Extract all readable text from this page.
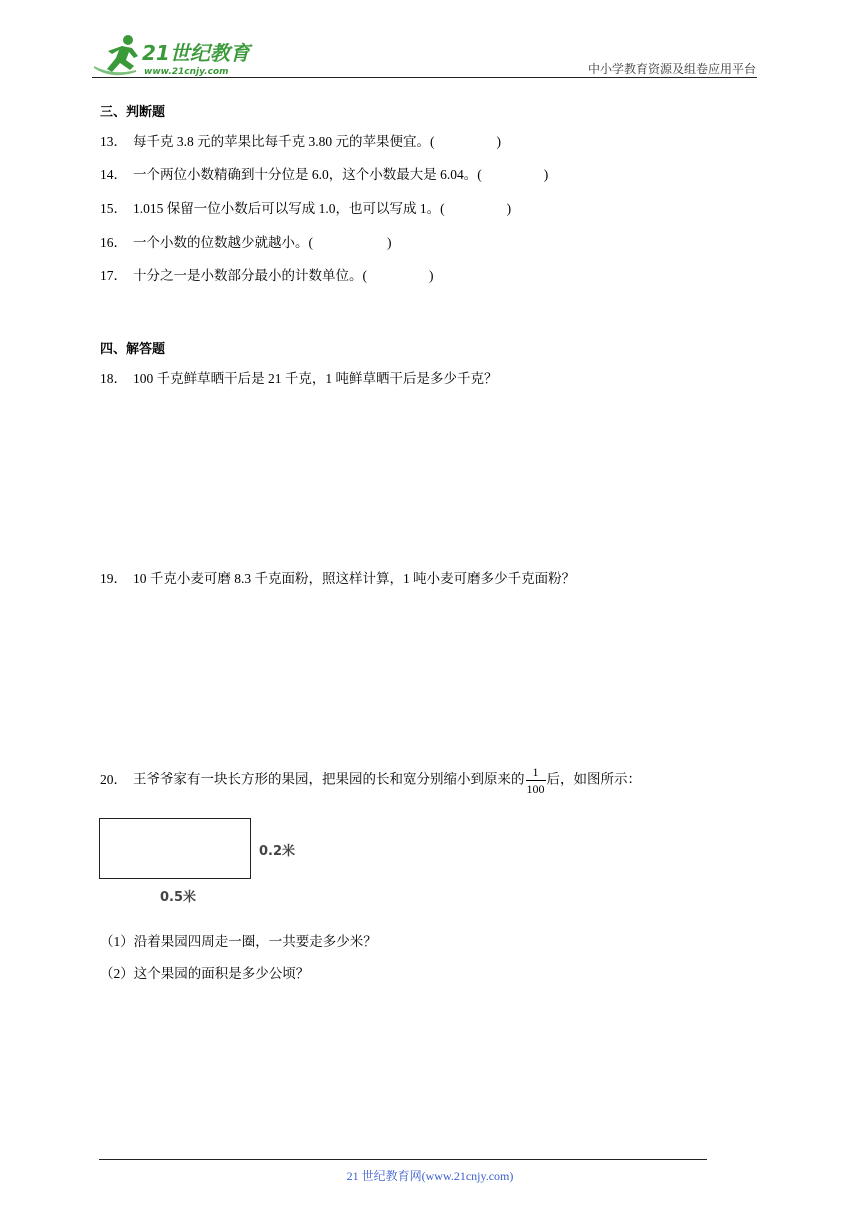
21世纪教育
www.21cnjy.com	中小学教育资源及组卷应用平台
三、判断题
13． 每千克 3.8 元的苹果比每千克 3.80 元的苹果便宜。(	)
14． 一个两位小数精确到十分位是 6.0，这个小数最大是 6.04。(	)
15． 1.015 保留一位小数后可以写成 1.0，也可以写成 1。(	)
16． 一个小数的位数越少就越小。(	)
17． 十分之一是小数部分最小的计数单位。(	)
四、解答题
18． 100 千克鲜草晒干后是 21 千克，1 吨鲜草晒干后是多少千克？
19． 10 千克小麦可磨 8.3 千克面粉，照这样计算，1 吨小麦可磨多少千克面粉？
20． 王爷爷家有一块长方形的果园，把果园的长和宽分别缩小到原来的 $\frac{1}{100}$ 后，如图所示：
0.2米
0.5米
（1）沿着果园四周走一圈，一共要走多少米？
（2）这个果园的面积是多少公顷？
21 世纪教育网(www.21cnjy.com)
